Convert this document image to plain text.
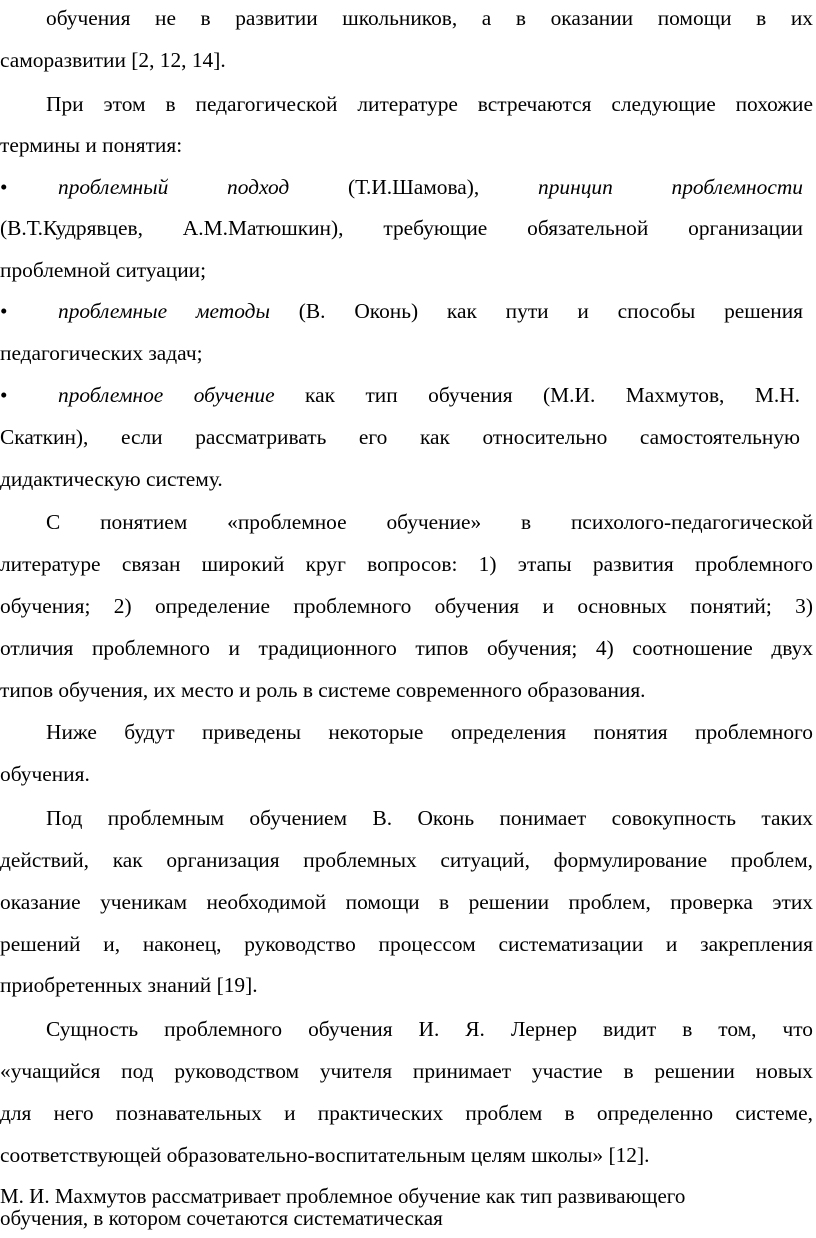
обучения не в развитии школьников, а в оказании помощи в их
саморазвитии [2, 12, 14].
При этом в педагогической литературе встречаются следующие похожие
термины и понятия:
• проблемный подход (Т.И.Шамова), принцип проблемности
(В.Т.Кудрявцев, А.М.Матюшкин), требующие обязательной организации
проблемной ситуации;
• проблемные методы (В. Оконь) как пути и способы решения
педагогических задач;
• проблемное обучение как тип обучения (М.И. Махмутов, М.Н.
Скаткин), если рассматривать его как относительно самостоятельную
дидактическую систему.
С понятием «проблемное обучение» в психолого-педагогической
литературе связан широкий круг вопросов: 1) этапы развития проблемного
обучения; 2) определение проблемного обучения и основных понятий; 3)
отличия проблемного и традиционного типов обучения; 4) соотношение двух
типов обучения, их место и роль в системе современного образования.
Ниже будут приведены некоторые определения понятия проблемного
обучения.
Под проблемным обучением В. Оконь понимает совокупность таких
действий, как организация проблемных ситуаций, формулирование проблем,
оказание ученикам необходимой помощи в решении проблем, проверка этих
решений и, наконец, руководство процессом систематизации и закрепления
приобретенных знаний [19].
Сущность проблемного обучения И. Я. Лернер видит в том, что
«учащийся под руководством учителя принимает участие в решении новых
для него познавательных и практических проблем в определенно системе,
соответствующей образовательно-воспитательным целям школы» [12].
М. И. Махмутов рассматривает проблемное обучение как тип развивающего
обучения, в котором сочетаются систематическая
